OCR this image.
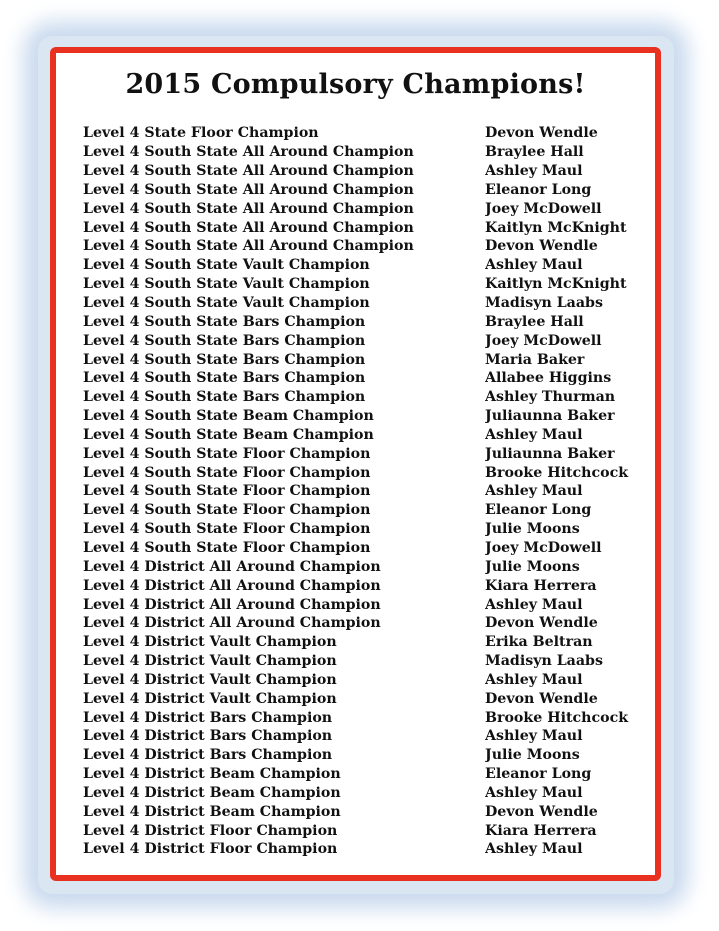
2015 Compulsory Champions!
Level 4 State Floor Champion	Devon Wendle
Level 4 South State All Around Champion	Braylee Hall
Level 4 South State All Around Champion	Ashley Maul
Level 4 South State All Around Champion	Eleanor Long
Level 4 South State All Around Champion	Joey McDowell
Level 4 South State All Around Champion	Kaitlyn McKnight
Level 4 South State All Around Champion	Devon Wendle
Level 4 South State Vault Champion	Ashley Maul
Level 4 South State Vault Champion	Kaitlyn McKnight
Level 4 South State Vault Champion	Madisyn Laabs
Level 4 South State Bars Champion	Braylee Hall
Level 4 South State Bars Champion	Joey McDowell
Level 4 South State Bars Champion	Maria Baker
Level 4 South State Bars Champion	Allabee Higgins
Level 4 South State Bars Champion	Ashley Thurman
Level 4 South State Beam Champion	Juliaunna Baker
Level 4 South State Beam Champion	Ashley Maul
Level 4 South State Floor Champion	Juliaunna Baker
Level 4 South State Floor Champion	Brooke Hitchcock
Level 4 South State Floor Champion	Ashley Maul
Level 4 South State Floor Champion	Eleanor Long
Level 4 South State Floor Champion	Julie Moons
Level 4 South State Floor Champion	Joey McDowell
Level 4 District All Around Champion	Julie Moons
Level 4 District All Around Champion	Kiara Herrera
Level 4 District All Around Champion	Ashley Maul
Level 4 District All Around Champion	Devon Wendle
Level 4 District Vault Champion	Erika Beltran
Level 4 District Vault Champion	Madisyn Laabs
Level 4 District Vault Champion	Ashley Maul
Level 4 District Vault Champion	Devon Wendle
Level 4 District Bars Champion	Brooke Hitchcock
Level 4 District Bars Champion	Ashley Maul
Level 4 District Bars Champion	Julie Moons
Level 4 District Beam Champion	Eleanor Long
Level 4 District Beam Champion	Ashley Maul
Level 4 District Beam Champion	Devon Wendle
Level 4 District Floor Champion	Kiara Herrera
Level 4 District Floor Champion	Ashley Maul
